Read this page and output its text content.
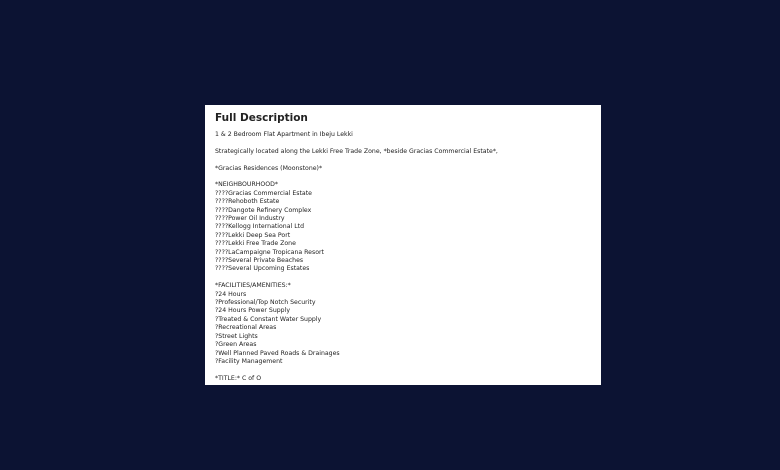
Full Description
1 & 2 Bedroom Flat Apartment in Ibeju Lekki
Strategically located along the Lekki Free Trade Zone, *beside Gracias Commercial Estate*,
*Gracias Residences (Moonstone)*
*NEIGHBOURHOOD*
????Gracias Commercial Estate
????Rehoboth Estate
????Dangote Refinery Complex
????Power Oil Industry
????Kellogg International Ltd
????Lekki Deep Sea Port
????Lekki Free Trade Zone
????LaCampaigne Tropicana Resort
????Several Private Beaches
????Several Upcoming Estates
*FACILITIES/AMENITIES:*
?24 Hours
?Professional/Top Notch Security
?24 Hours Power Supply
?Treated & Constant Water Supply
?Recreational Areas
?Street Lights
?Green Areas
?Well Planned Paved Roads & Drainages
?Facility Management
*TITLE:* C of O
